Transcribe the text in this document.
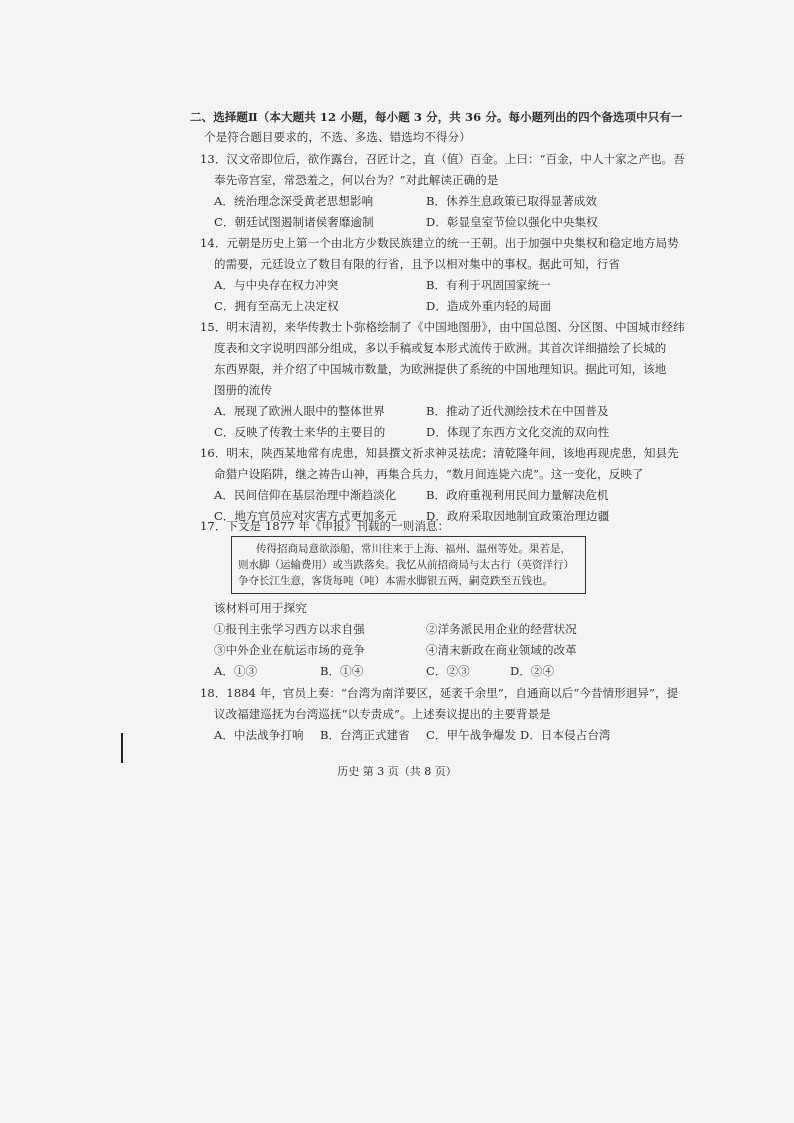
二、选择题Ⅱ（本大题共 12 小题，每小题 3 分，共 36 分。每小题列出的四个备选项中只有一
个是符合题目要求的，不选、多选、错选均不得分）
13．汉文帝即位后，欲作露台，召匠计之，直（值）百金。上曰：“百金，中人十家之产也。吾
奉先帝宫室，常恐羞之，何以台为？”对此解读正确的是
A．统治理念深受黄老思想影响	B．休养生息政策已取得显著成效
C．朝廷试图遏制诸侯奢靡逾制	D．彰显皇室节俭以强化中央集权
14．元朝是历史上第一个由北方少数民族建立的统一王朝。出于加强中央集权和稳定地方局势
的需要，元廷设立了数目有限的行省，且予以相对集中的事权。据此可知，行省
A．与中央存在权力冲突	B．有利于巩固国家统一
C．拥有至高无上决定权	D．造成外重内轻的局面
15．明末清初，来华传教士卜弥格绘制了《中国地图册》，由中国总图、分区图、中国城市经纬
度表和文字说明四部分组成，多以手稿或复本形式流传于欧洲。其首次详细描绘了长城的
东西界限，并介绍了中国城市数量，为欧洲提供了系统的中国地理知识。据此可知，该地
图册的流传
A．展现了欧洲人眼中的整体世界	B．推动了近代测绘技术在中国普及
C．反映了传教士来华的主要目的	D．体现了东西方文化交流的双向性
16．明末，陕西某地常有虎患，知县撰文祈求神灵祛虎；清乾隆年间，该地再现虎患，知县先
命猎户设陷阱，继之祷告山神，再集合兵力，“数月间连毙六虎”。这一变化，反映了
A．民间信仰在基层治理中渐趋淡化	B．政府重视利用民间力量解决危机
C．地方官员应对灾害方式更加多元	D．政府采取因地制宜政策治理边疆
17．下文是 1877 年《申报》刊载的一则消息：
传得招商局意欲添船，常川往来于上海、福州、温州等处。果若是，
则水脚（运输费用）或当跌落矣。我忆从前招商局与太古行（英资洋行）
争夺长江生意，客货每吨（吨）本需水脚银五两，嗣竞跌至五钱也。
该材料可用于探究
①报刊主张学习西方以求自强	②洋务派民用企业的经营状况
③中外企业在航运市场的竞争	④清末新政在商业领域的改革
A．①③	B．①④	C．②③	D．②④
18．1884 年，官员上奏：“台湾为南洋要区，延袤千余里”，自通商以后“今昔情形迥异”，提
议改福建巡抚为台湾巡抚“以专责成”。上述奏议提出的主要背景是
A．中法战争打响 B．台湾正式建省 C．甲午战争爆发 D．日本侵占台湾
历史 第 3 页（共 8 页）
